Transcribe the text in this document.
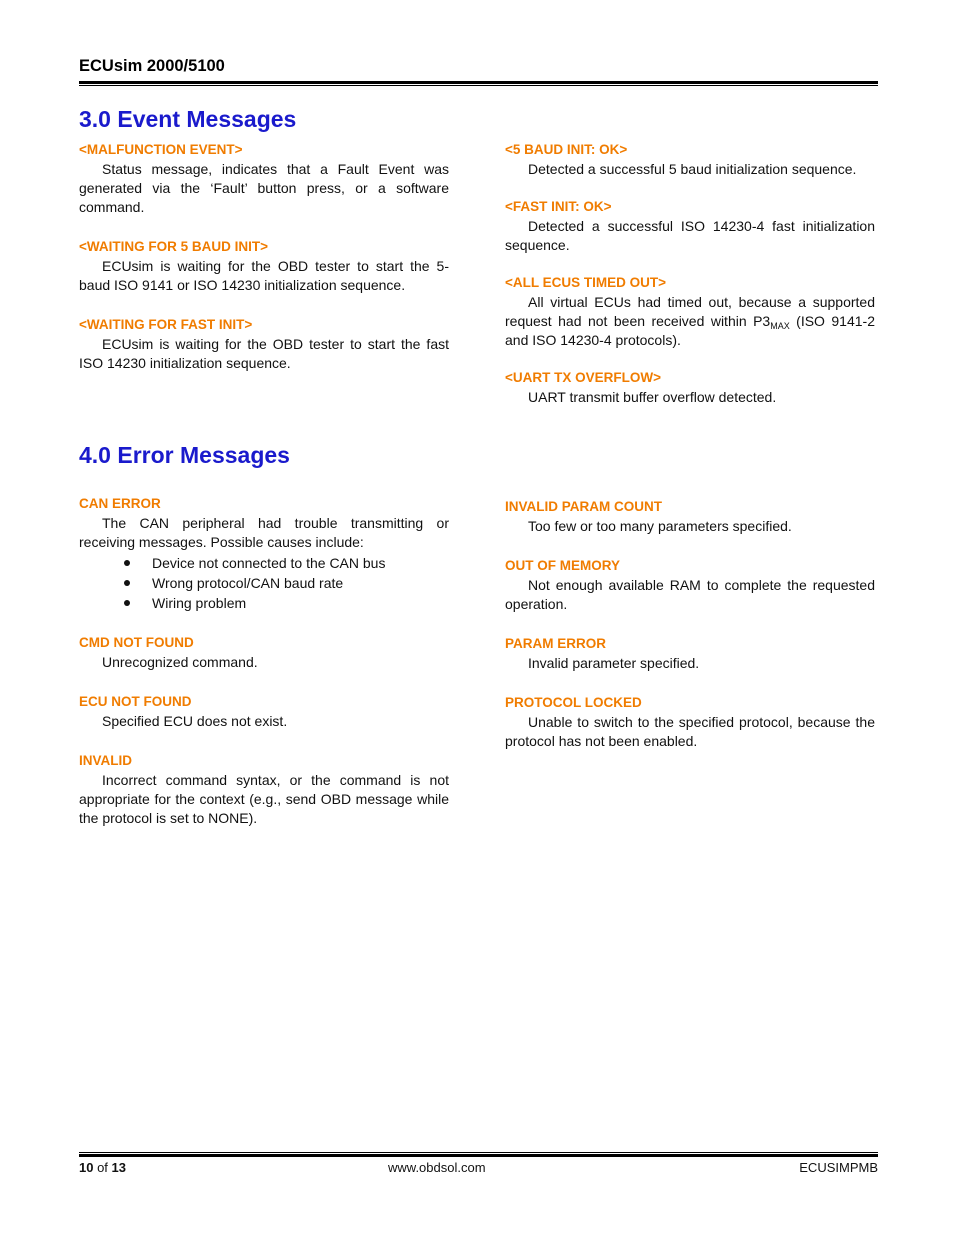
ECUsim 2000/5100
3.0 Event Messages

<MALFUNCTION EVENT>

Status message, indicates that a Fault Event was generated via the ‘Fault’ button press, or a software command.

<WAITING FOR 5 BAUD INIT>

ECUsim is waiting for the OBD tester to start the 5-baud ISO 9141 or ISO 14230 initialization sequence.

<WAITING FOR FAST INIT>

ECUsim is waiting for the OBD tester to start the fast ISO 14230 initialization sequence.

<5 BAUD INIT: OK>

Detected a successful 5 baud initialization sequence.

<FAST INIT: OK>

Detected a successful ISO 14230-4 fast initialization sequence.

<ALL ECUS TIMED OUT>

All virtual ECUs had timed out, because a supported request had not been received within $P3_{MAX}$ (ISO 9141-2 and ISO 14230-4 protocols).

<UART TX OVERFLOW>

UART transmit buffer overflow detected.

4.0 Error Messages

CAN ERROR

The CAN peripheral had trouble transmitting or receiving messages. Possible causes include:

Device not connected to the CAN bus
Wrong protocol/CAN baud rate
Wiring problem

CMD NOT FOUND

Unrecognized command.

ECU NOT FOUND

Specified ECU does not exist.

INVALID

Incorrect command syntax, or the command is not appropriate for the context (e.g., send OBD message while the protocol is set to NONE).

INVALID PARAM COUNT

Too few or too many parameters specified.

OUT OF MEMORY

Not enough available RAM to complete the requested operation.

PARAM ERROR

Invalid parameter specified.

PROTOCOL LOCKED

Unable to switch to the specified protocol, because the protocol has not been enabled.

10 of 13	www.obdsol.com	ECUSIMPMB
